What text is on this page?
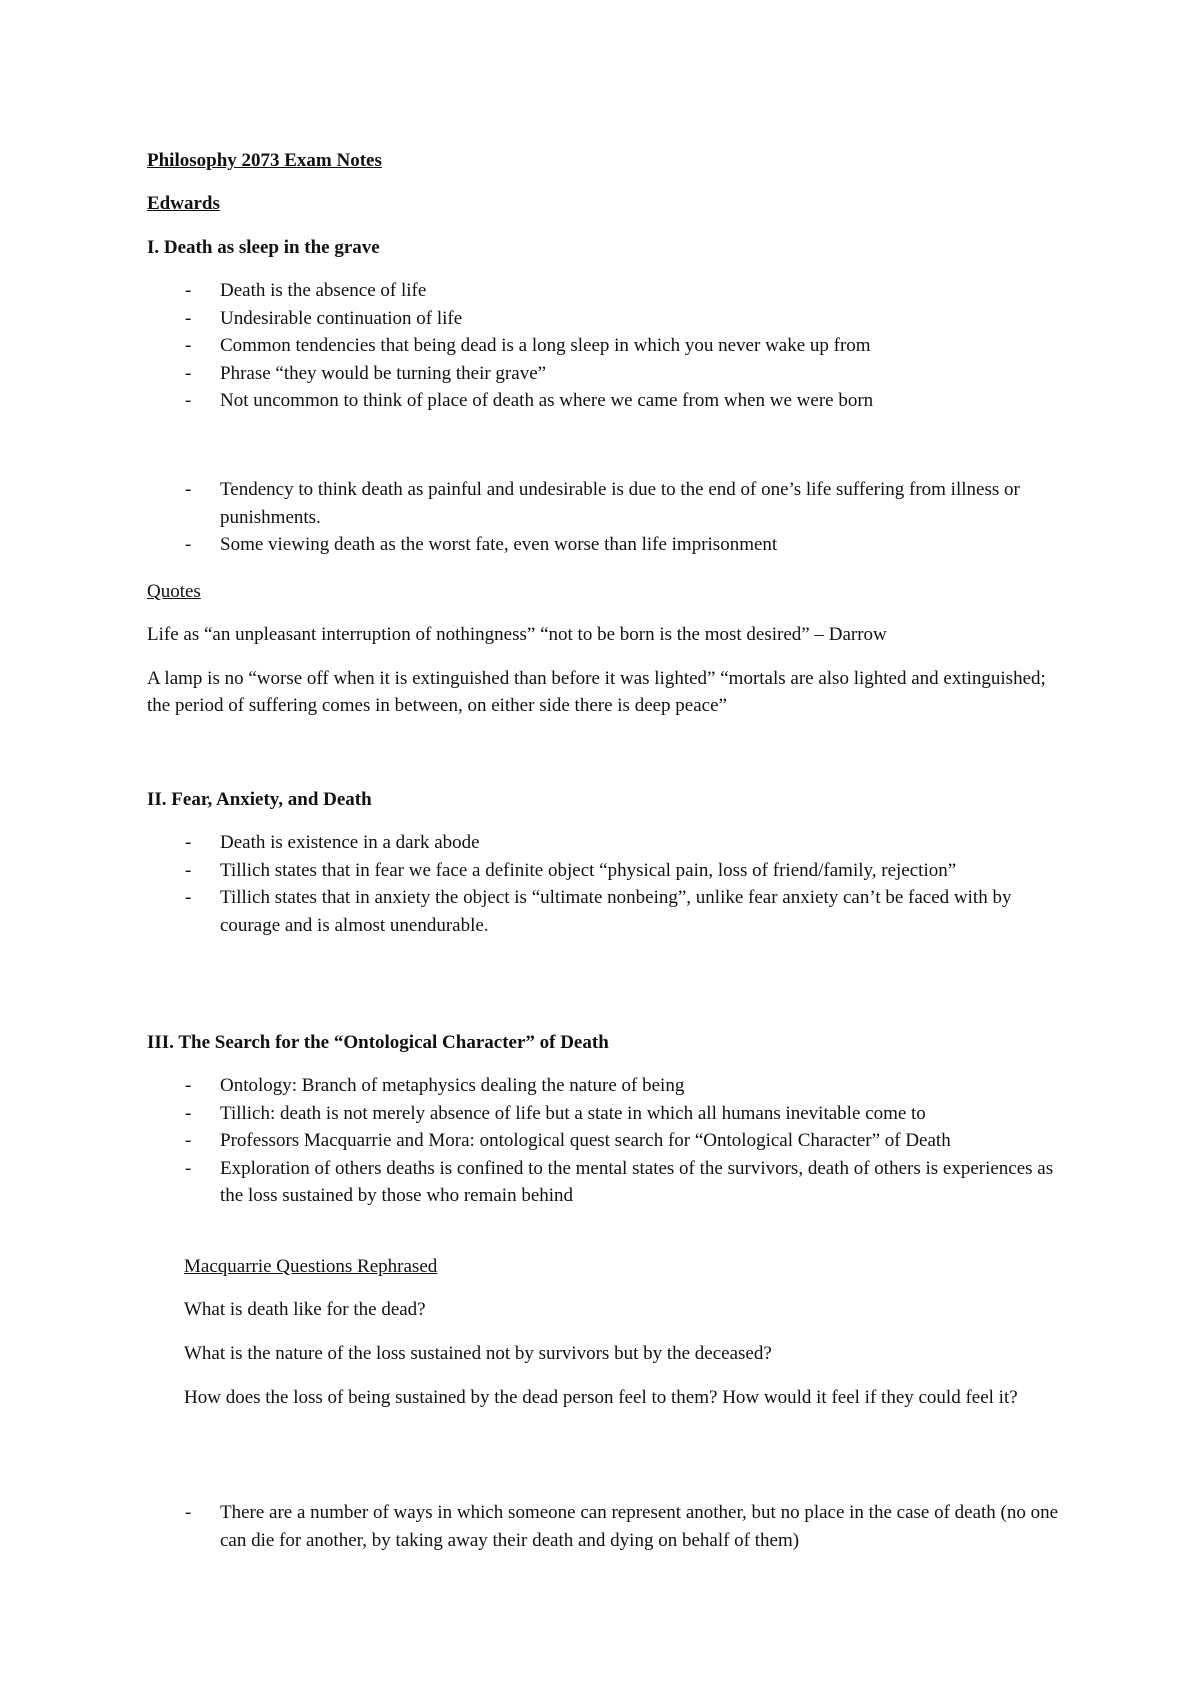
Philosophy 2073 Exam Notes
Edwards
I. Death as sleep in the grave
- Death is the absence of life
- Undesirable continuation of life
- Common tendencies that being dead is a long sleep in which you never wake up from
- Phrase “they would be turning their grave”
- Not uncommon to think of place of death as where we came from when we were born
- Tendency to think death as painful and undesirable is due to the end of one’s life suffering from illness or punishments.
- Some viewing death as the worst fate, even worse than life imprisonment
Quotes
Life as “an unpleasant interruption of nothingness” “not to be born is the most desired” – Darrow
A lamp is no “worse off when it is extinguished than before it was lighted” “mortals are also lighted and extinguished; the period of suffering comes in between, on either side there is deep peace”
II. Fear, Anxiety, and Death
- Death is existence in a dark abode
- Tillich states that in fear we face a definite object “physical pain, loss of friend/family, rejection”
- Tillich states that in anxiety the object is “ultimate nonbeing”, unlike fear anxiety can’t be faced with by courage and is almost unendurable.
III. The Search for the “Ontological Character” of Death
- Ontology: Branch of metaphysics dealing the nature of being
- Tillich: death is not merely absence of life but a state in which all humans inevitable come to
- Professors Macquarrie and Mora: ontological quest search for “Ontological Character” of Death
- Exploration of others deaths is confined to the mental states of the survivors, death of others is experiences as the loss sustained by those who remain behind
Macquarrie Questions Rephrased
What is death like for the dead?
What is the nature of the loss sustained not by survivors but by the deceased?
How does the loss of being sustained by the dead person feel to them? How would it feel if they could feel it?
- There are a number of ways in which someone can represent another, but no place in the case of death (no one can die for another, by taking away their death and dying on behalf of them)
